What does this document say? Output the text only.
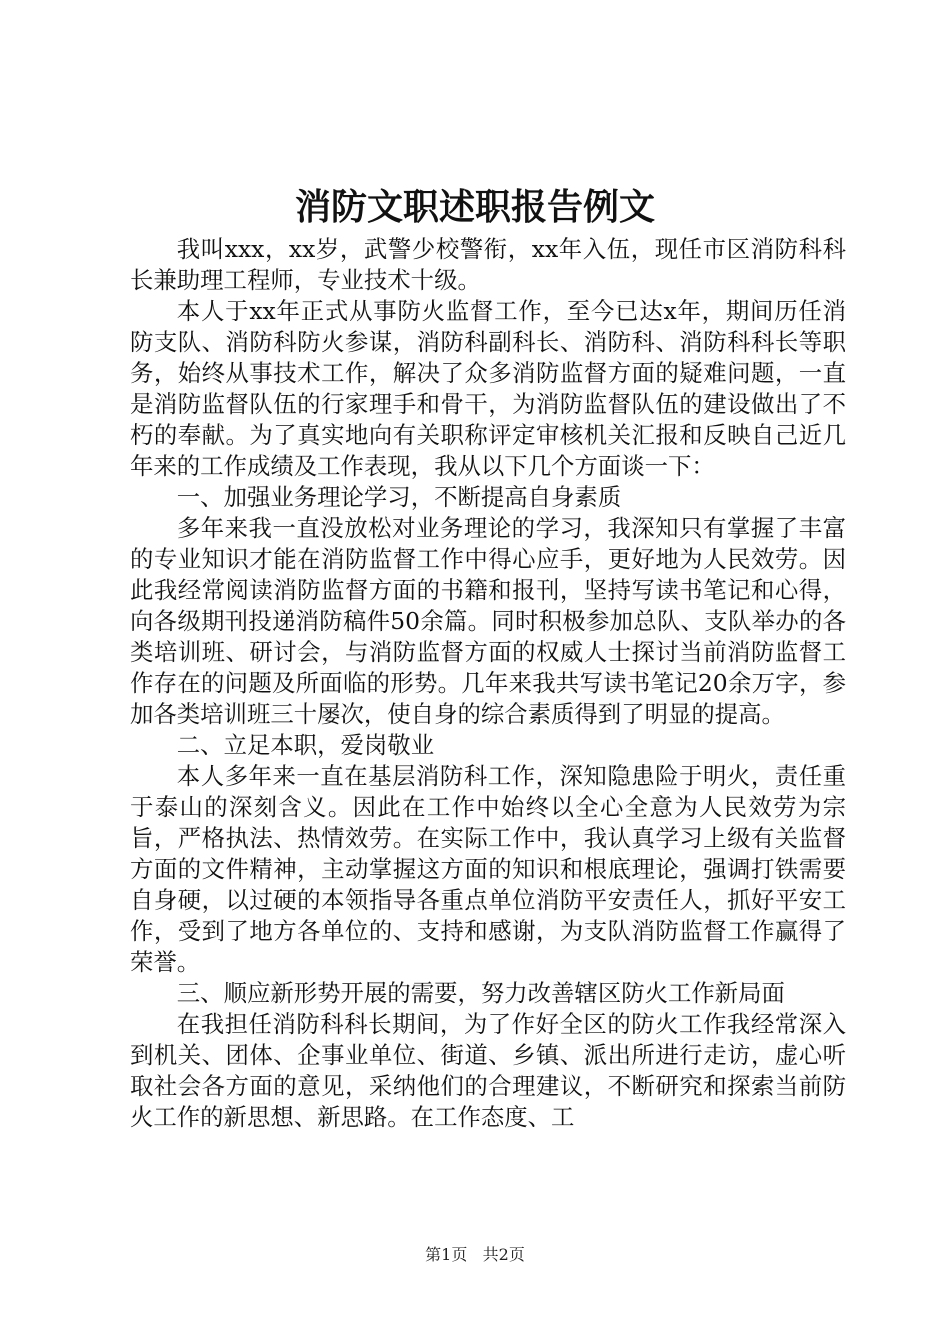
消防文职述职报告例文

我叫xxx，xx岁，武警少校警衔，xx年入伍，现任市区消防科科长兼助理工程师，专业技术十级。

本人于xx年正式从事防火监督工作，至今已达x年，期间历任消防支队、消防科防火参谋，消防科副科长、消防科、消防科科长等职务，始终从事技术工作，解决了众多消防监督方面的疑难问题，一直是消防监督队伍的行家理手和骨干，为消防监督队伍的建设做出了不朽的奉献。为了真实地向有关职称评定审核机关汇报和反映自己近几年来的工作成绩及工作表现，我从以下几个方面谈一下：

一、加强业务理论学习，不断提高自身素质

多年来我一直没放松对业务理论的学习，我深知只有掌握了丰富的专业知识才能在消防监督工作中得心应手，更好地为人民效劳。因此我经常阅读消防监督方面的书籍和报刊，坚持写读书笔记和心得，向各级期刊投递消防稿件50余篇。同时积极参加总队、支队举办的各类培训班、研讨会，与消防监督方面的权威人士探讨当前消防监督工作存在的问题及所面临的形势。几年来我共写读书笔记20余万字，参加各类培训班三十屡次，使自身的综合素质得到了明显的提高。

二、立足本职，爱岗敬业

本人多年来一直在基层消防科工作，深知隐患险于明火，责任重于泰山的深刻含义。因此在工作中始终以全心全意为人民效劳为宗旨，严格执法、热情效劳。在实际工作中，我认真学习上级有关监督方面的文件精神，主动掌握这方面的知识和根底理论，强调打铁需要自身硬，以过硬的本领指导各重点单位消防平安责任人，抓好平安工作，受到了地方各单位的、支持和感谢，为支队消防监督工作赢得了荣誉。

三、顺应新形势开展的需要，努力改善辖区防火工作新局面

在我担任消防科科长期间，为了作好全区的防火工作我经常深入到机关、团体、企事业单位、街道、乡镇、派出所进行走访，虚心听取社会各方面的意见，采纳他们的合理建议，不断研究和探索当前防火工作的新思想、新思路。在工作态度、工

第1页 共2页
